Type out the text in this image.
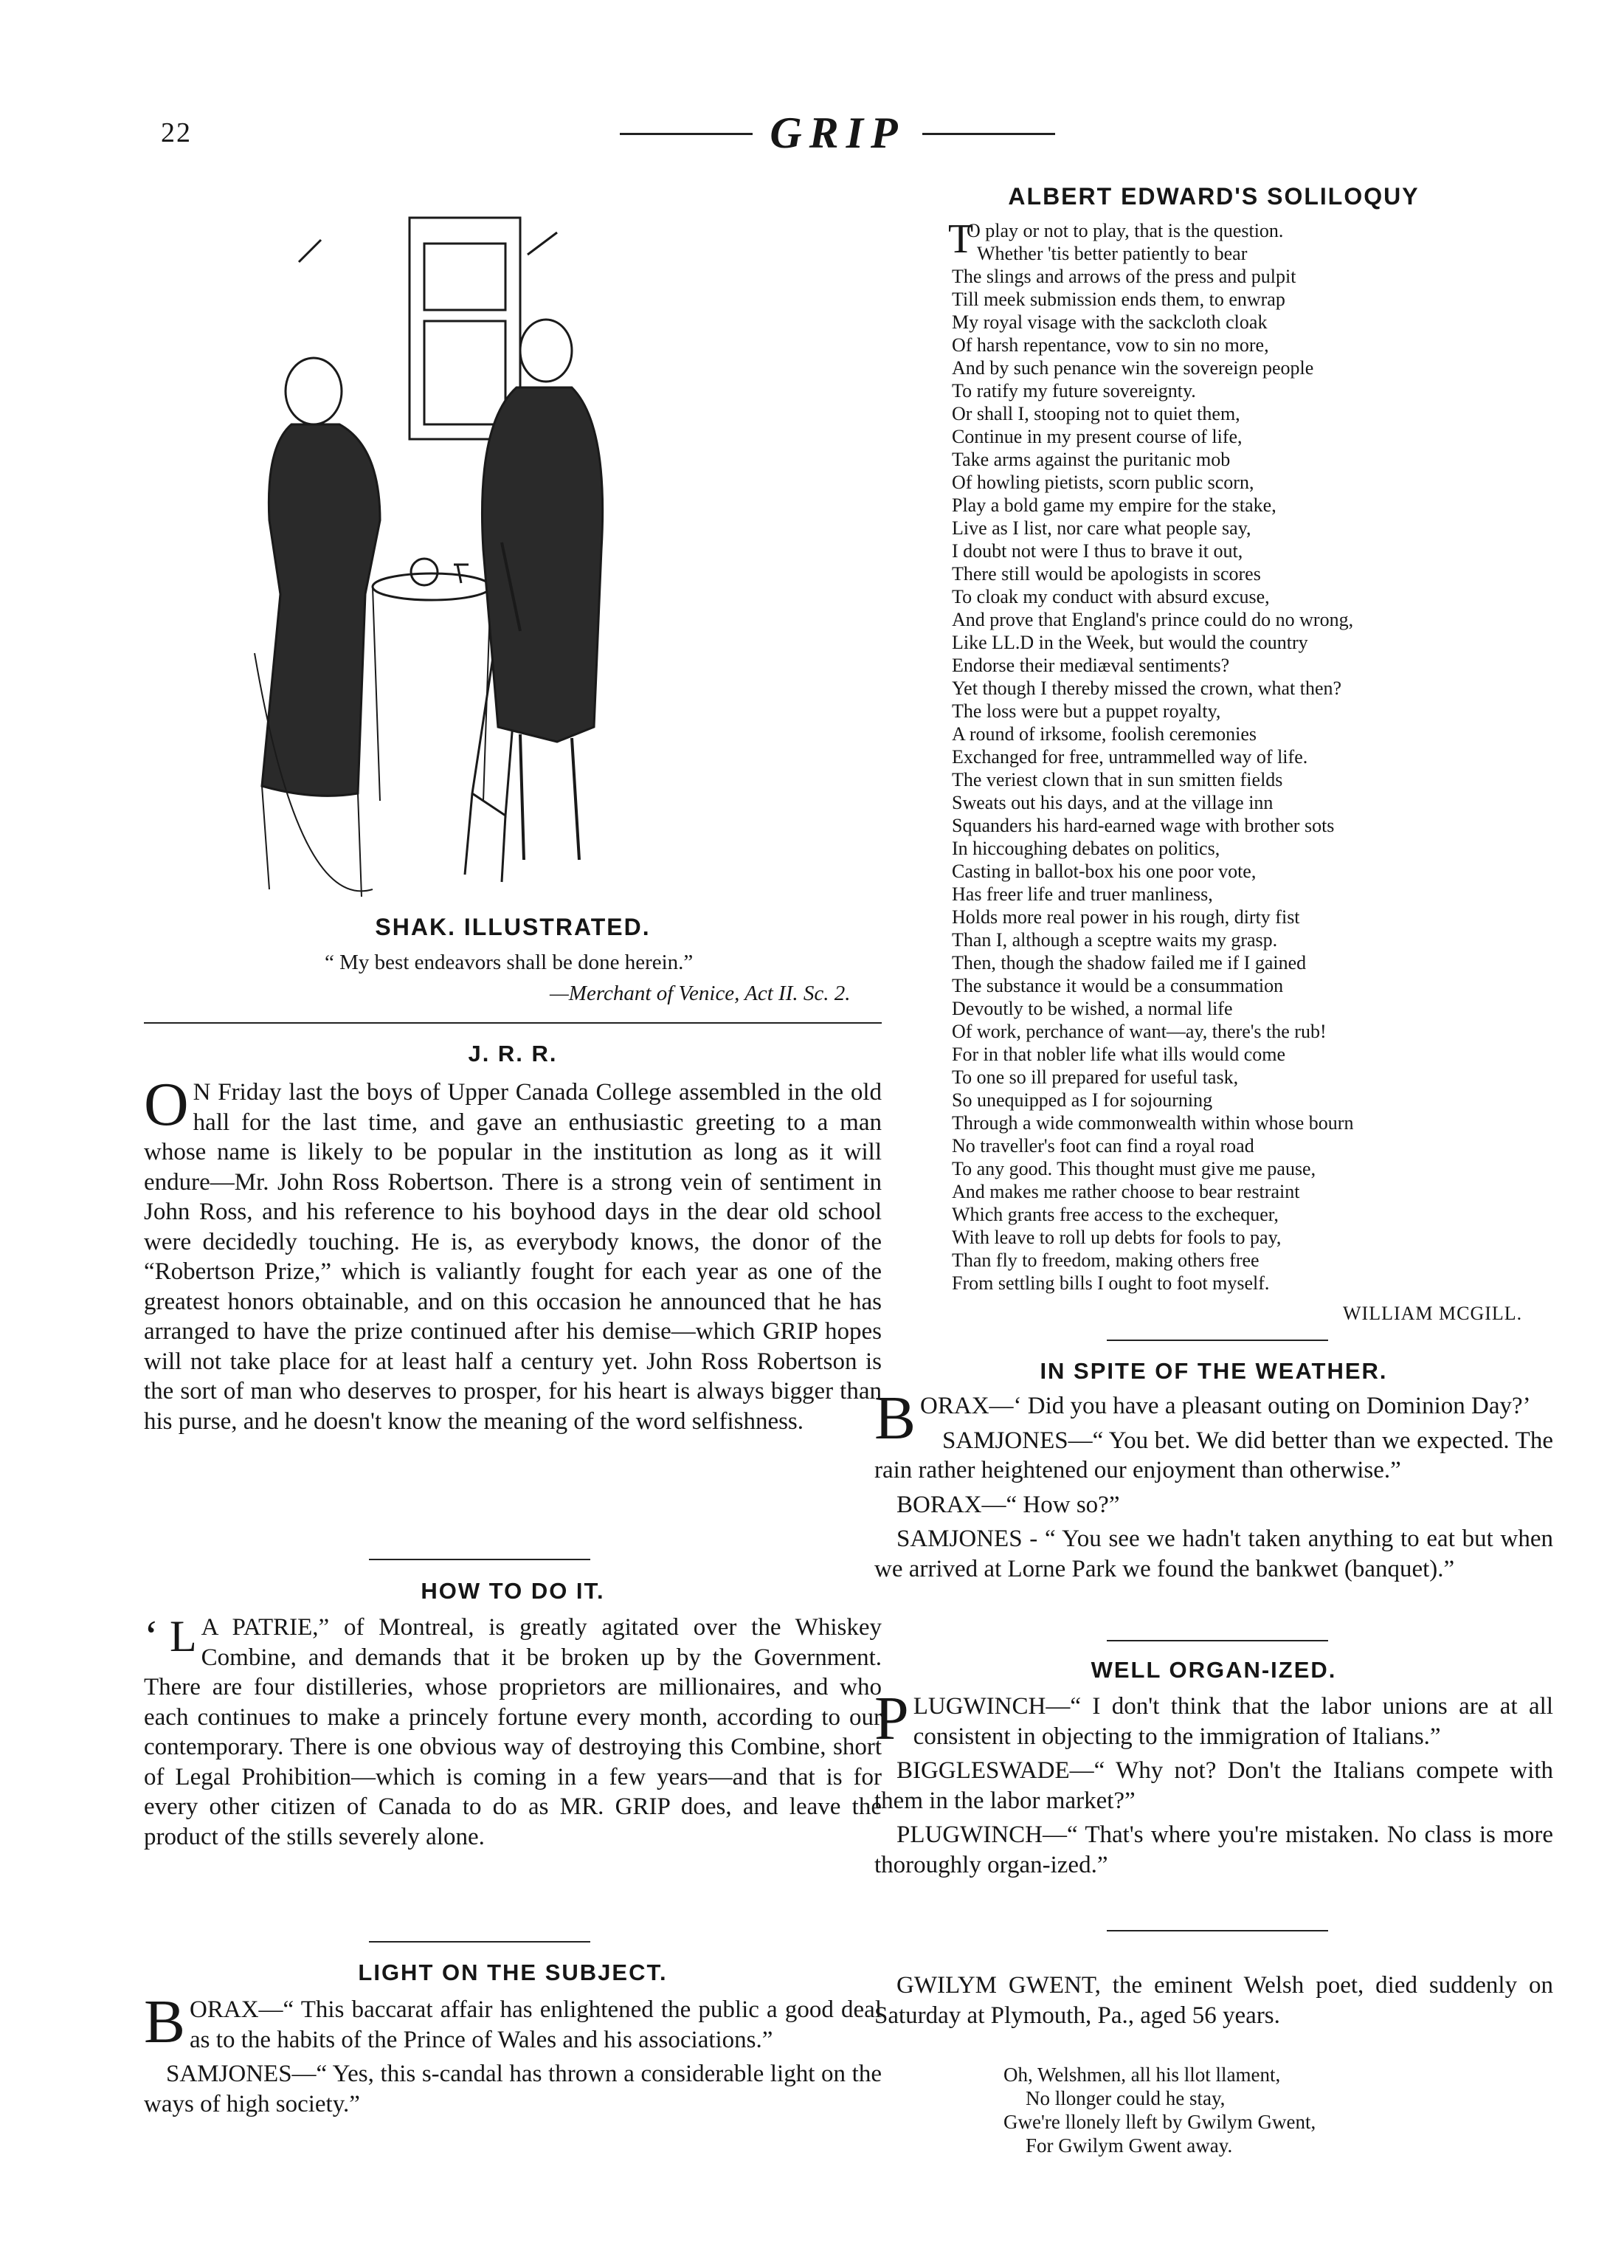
22	GRIP
SHAK. ILLUSTRATED.
“ My best endeavors shall be done herein.”
—Merchant of Venice, Act II. Sc. 2.
J. R. R.
O N Friday last the boys of Upper Canada College assembled in the old hall for the last time, and gave an enthusiastic greeting to a man whose name is likely to be popular in the institution as long as it will endure—Mr. John Ross Robertson. There is a strong vein of sentiment in John Ross, and his reference to his boyhood days in the dear old school were decidedly touching. He is, as everybody knows, the donor of the “Robertson Prize,” which is valiantly fought for each year as one of the greatest honors obtainable, and on this occasion he announced that he has arranged to have the prize continued after his demise—which GRIP hopes will not take place for at least half a century yet. John Ross Robertson is the sort of man who deserves to prosper, for his heart is always bigger than his purse, and he doesn't know the meaning of the word selfishness.
HOW TO DO IT.
‘ L A PATRIE,” of Montreal, is greatly agitated over the Whiskey Combine, and demands that it be broken up by the Government. There are four distilleries, whose proprietors are millionaires, and who each continues to make a princely fortune every month, according to our contemporary. There is one obvious way of destroying this Combine, short of Legal Prohibition—which is coming in a few years—and that is for every other citizen of Canada to do as MR. GRIP does, and leave the product of the stills severely alone.
LIGHT ON THE SUBJECT.

BORAX—“ This baccarat affair has enlightened the public a good deal as to the habits of the Prince of Wales and his associations.”

SAMJONES—“ Yes, this s-candal has thrown a considerable light on the ways of high society.”

ALBERT EDWARD'S SOLILOQUY
T
O play or not to play, that is the question.
Whether 'tis better patiently to bear
The slings and arrows of the press and pulpit
Till meek submission ends them, to enwrap
My royal visage with the sackcloth cloak
Of harsh repentance, vow to sin no more,
And by such penance win the sovereign people
To ratify my future sovereignty.
Or shall I, stooping not to quiet them,
Continue in my present course of life,
Take arms against the puritanic mob
Of howling pietists, scorn public scorn,
Play a bold game my empire for the stake,
Live as I list, nor care what people say,
I doubt not were I thus to brave it out,
There still would be apologists in scores
To cloak my conduct with absurd excuse,
And prove that England's prince could do no wrong,
Like LL.D in the Week, but would the country
Endorse their mediæval sentiments?
Yet though I thereby missed the crown, what then?
The loss were but a puppet royalty,
A round of irksome, foolish ceremonies
Exchanged for free, untrammelled way of life.
The veriest clown that in sun smitten fields
Sweats out his days, and at the village inn
Squanders his hard-earned wage with brother sots
In hiccoughing debates on politics,
Casting in ballot-box his one poor vote,
Has freer life and truer manliness,
Holds more real power in his rough, dirty fist
Than I, although a sceptre waits my grasp.
Then, though the shadow failed me if I gained
The substance it would be a consummation
Devoutly to be wished, a normal life
Of work, perchance of want—ay, there's the rub!
For in that nobler life what ills would come
To one so ill prepared for useful task,
So unequipped as I for sojourning
Through a wide commonwealth within whose bourn
No traveller's foot can find a royal road
To any good. This thought must give me pause,
And makes me rather choose to bear restraint
Which grants free access to the exchequer,
With leave to roll up debts for fools to pay,
Than fly to freedom, making others free
From settling bills I ought to foot myself.
WILLIAM MCGILL.
IN SPITE OF THE WEATHER.

BORAX—‘ Did you have a pleasant outing on Dominion Day?’

SAMJONES—“ You bet. We did better than we expected. The rain rather heightened our enjoyment than otherwise.”

BORAX—“ How so?”

SAMJONES - “ You see we hadn't taken anything to eat but when we arrived at Lorne Park we found the bankwet (banquet).”

WELL ORGAN-IZED.

PLUGWINCH—“ I don't think that the labor unions are at all consistent in objecting to the immigration of Italians.”

BIGGLESWADE—“ Why not? Don't the Italians compete with them in the labor market?”

PLUGWINCH—“ That's where you're mistaken. No class is more thoroughly organ-ized.”

GWILYM GWENT, the eminent Welsh poet, died suddenly on Saturday at Plymouth, Pa., aged 56 years.

Oh, Welshmen, all his llot llament,
No llonger could he stay,
Gwe're llonely lleft by Gwilym Gwent,
For Gwilym Gwent away.
